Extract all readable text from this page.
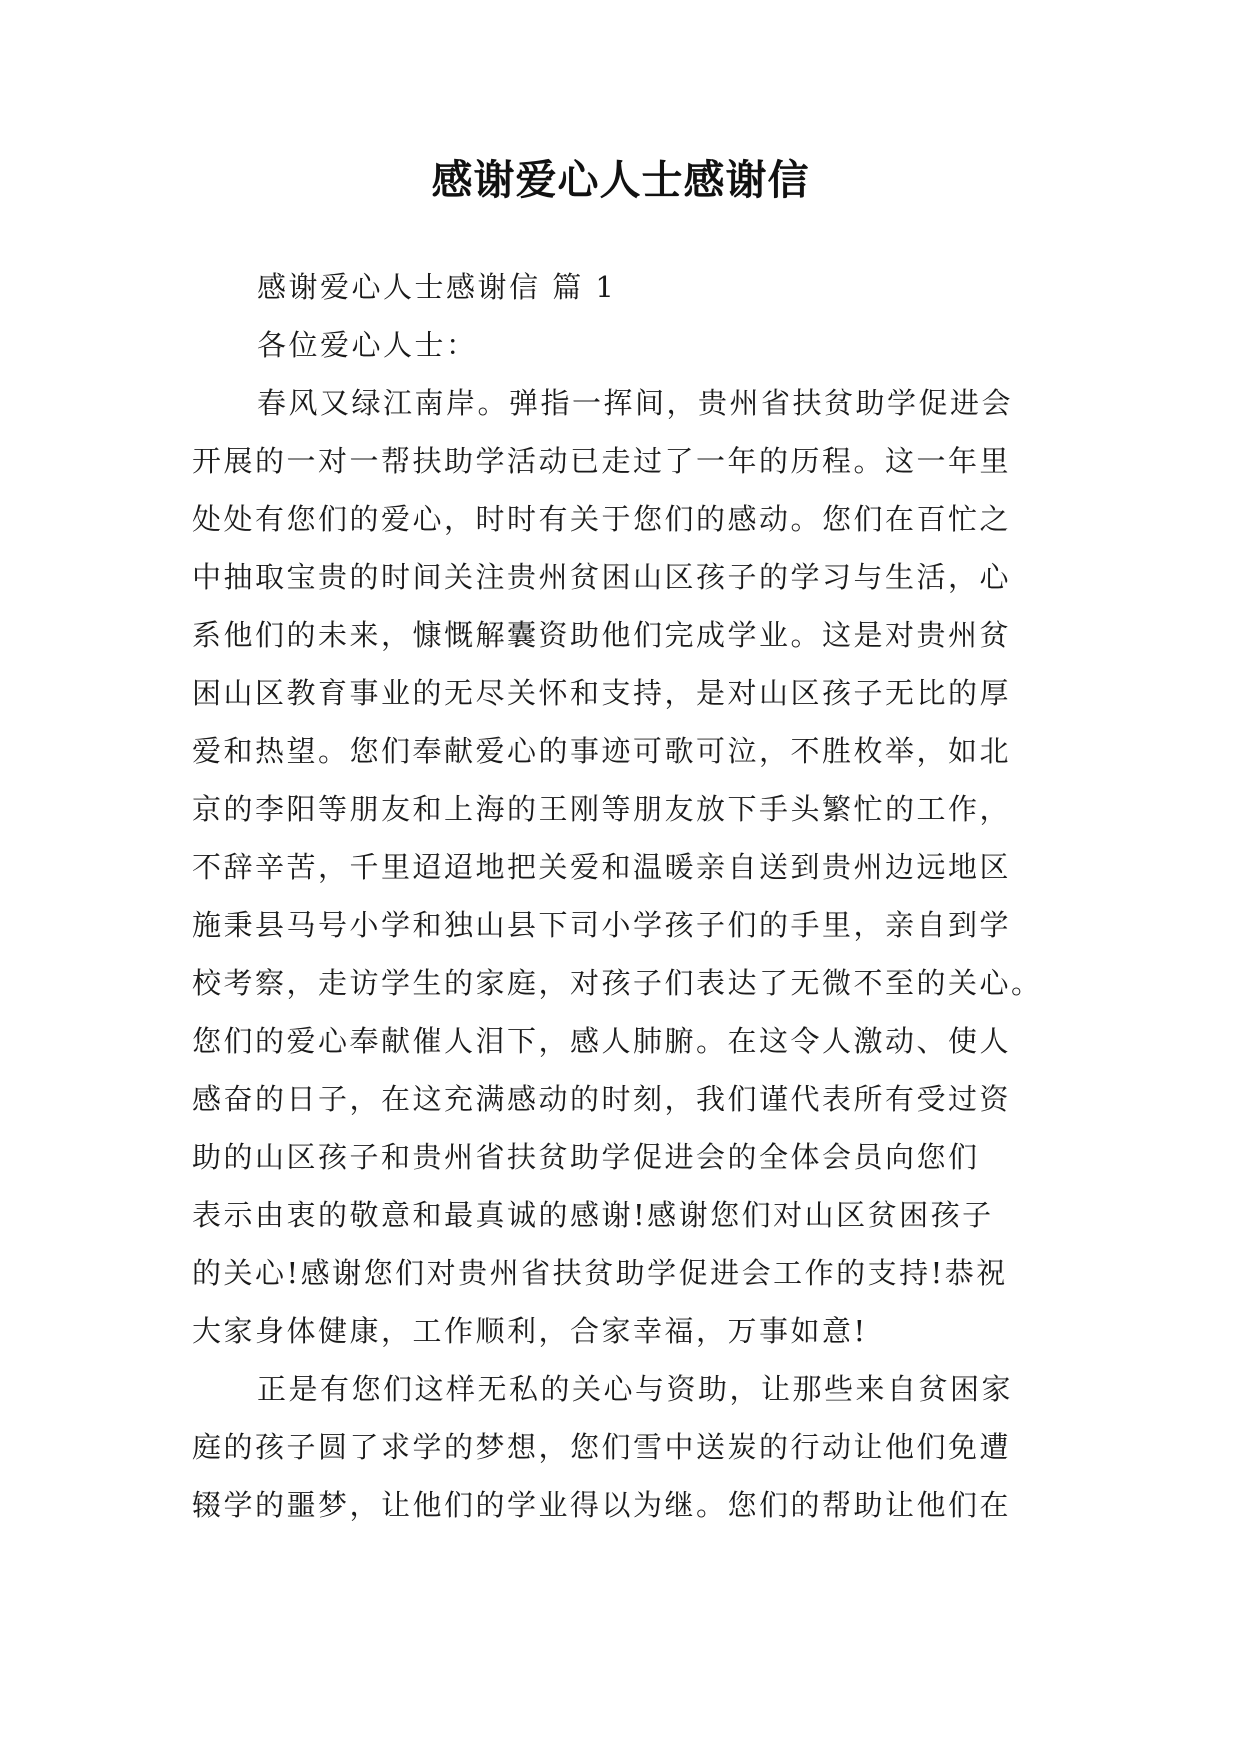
感谢爱心人士感谢信

感谢爱心人士感谢信 篇 1

各位爱心人士：

春风又绿江南岸。弹指一挥间，贵州省扶贫助学促进会
开展的一对一帮扶助学活动已走过了一年的历程。这一年里
处处有您们的爱心，时时有关于您们的感动。您们在百忙之
中抽取宝贵的时间关注贵州贫困山区孩子的学习与生活，心
系他们的未来，慷慨解囊资助他们完成学业。这是对贵州贫
困山区教育事业的无尽关怀和支持，是对山区孩子无比的厚
爱和热望。您们奉献爱心的事迹可歌可泣，不胜枚举，如北
京的李阳等朋友和上海的王刚等朋友放下手头繁忙的工作，
不辞辛苦，千里迢迢地把关爱和温暖亲自送到贵州边远地区
施秉县马号小学和独山县下司小学孩子们的手里，亲自到学
校考察，走访学生的家庭，对孩子们表达了无微不至的关心。
您们的爱心奉献催人泪下，感人肺腑。在这令人激动、使人
感奋的日子，在这充满感动的时刻，我们谨代表所有受过资
助的山区孩子和贵州省扶贫助学促进会的全体会员向您们
表示由衷的敬意和最真诚的感谢!感谢您们对山区贫困孩子
的关心!感谢您们对贵州省扶贫助学促进会工作的支持!恭祝
大家身体健康，工作顺利，合家幸福，万事如意!
正是有您们这样无私的关心与资助，让那些来自贫困家
庭的孩子圆了求学的梦想，您们雪中送炭的行动让他们免遭
辍学的噩梦，让他们的学业得以为继。您们的帮助让他们在
